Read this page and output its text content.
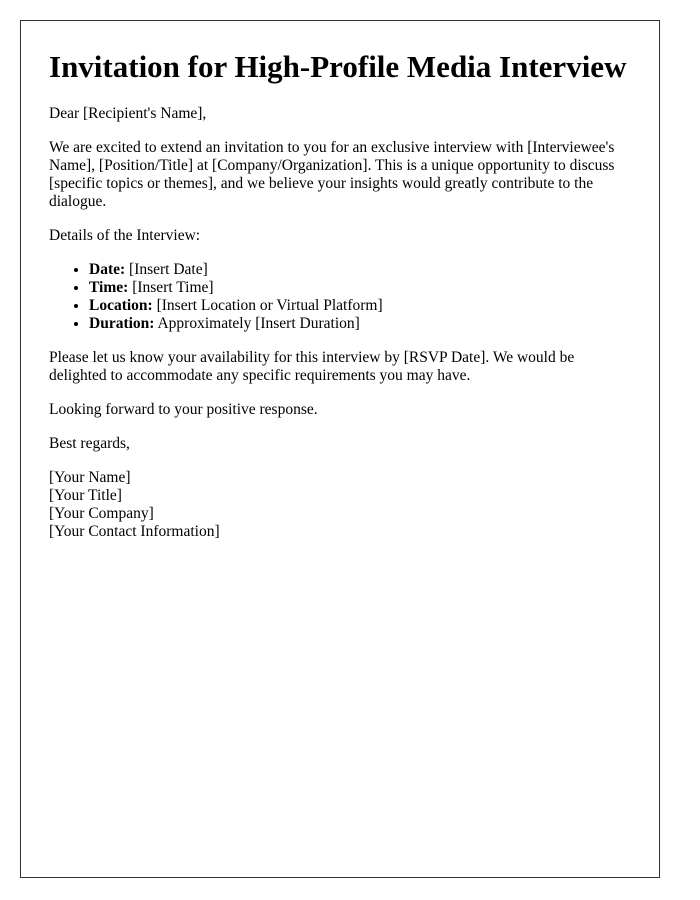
Invitation for High-Profile Media Interview

Dear [Recipient's Name],

We are excited to extend an invitation to you for an exclusive interview with [Interviewee's Name], [Position/Title] at [Company/Organization]. This is a unique opportunity to discuss [specific topics or themes], and we believe your insights would greatly contribute to the dialogue.

Details of the Interview:

• Date: [Insert Date]
• Time: [Insert Time]
• Location: [Insert Location or Virtual Platform]
• Duration: Approximately [Insert Duration]

Please let us know your availability for this interview by [RSVP Date]. We would be delighted to accommodate any specific requirements you may have.

Looking forward to your positive response.

Best regards,

[Your Name]
[Your Title]
[Your Company]
[Your Contact Information]
